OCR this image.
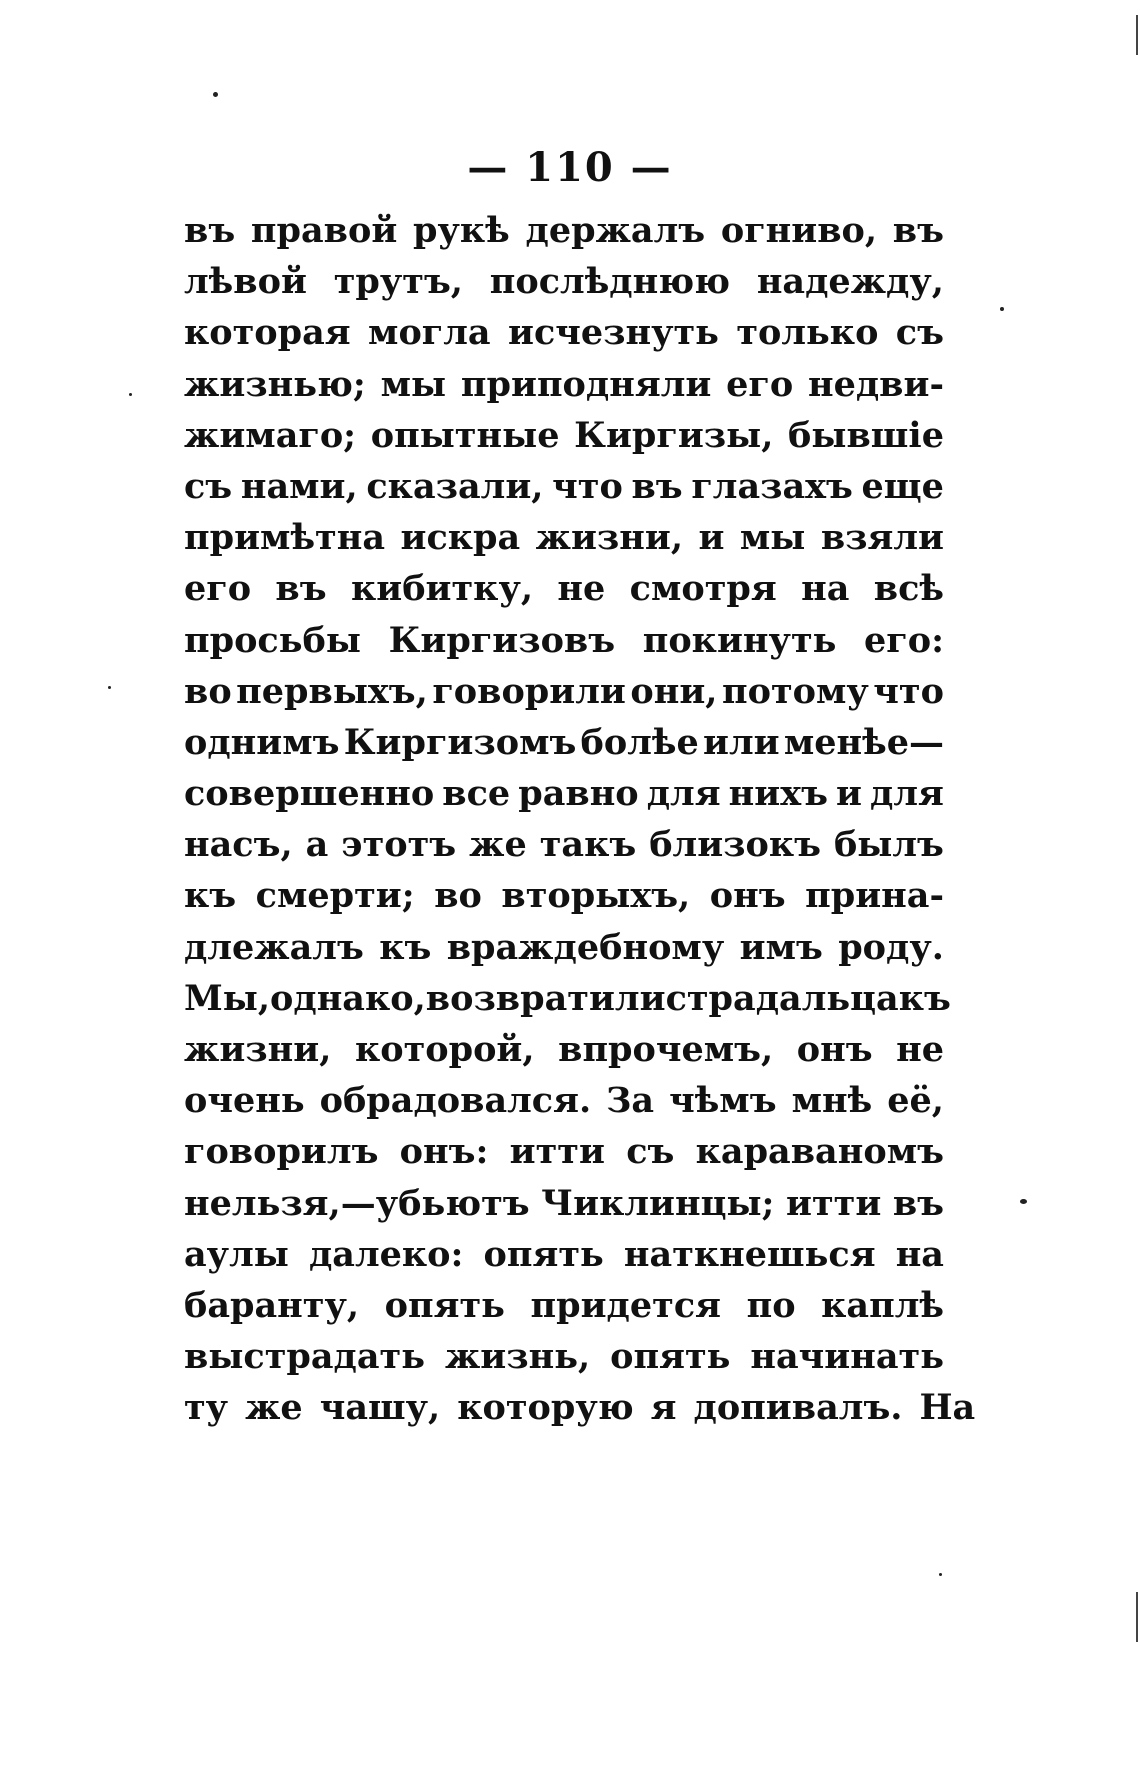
— 110 —
въ правой рукѣ держалъ огниво, въ
лѣвой трутъ, послѣднюю надежду,
которая могла исчезнуть только съ
жизнью; мы приподняли его недви-
жимаго; опытные Киргизы, бывшіе
съ нами, сказали, что въ глазахъ еще
примѣтна искра жизни, и мы взяли
его въ кибитку, не смотря на всѣ
просьбы Киргизовъ покинуть его:
во первыхъ, говорили они, потому что
однимъ Киргизомъ болѣе или менѣе—
совершенно все равно для нихъ и для
насъ, а этотъ же такъ близокъ былъ
къ смерти; во вторыхъ, онъ прина-
длежалъ къ враждебному имъ роду.
Мы, однако, возвратили страдальца къ
жизни, которой, впрочемъ, онъ не
очень обрадовался. За чѣмъ мнѣ её,
говорилъ онъ: итти съ караваномъ
нельзя,—убьютъ Чиклинцы; итти въ
аулы далеко: опять наткнешься на
баранту, опять придется по каплѣ
выстрадать жизнь, опять начинать
ту же чашу, которую я допивалъ. На
